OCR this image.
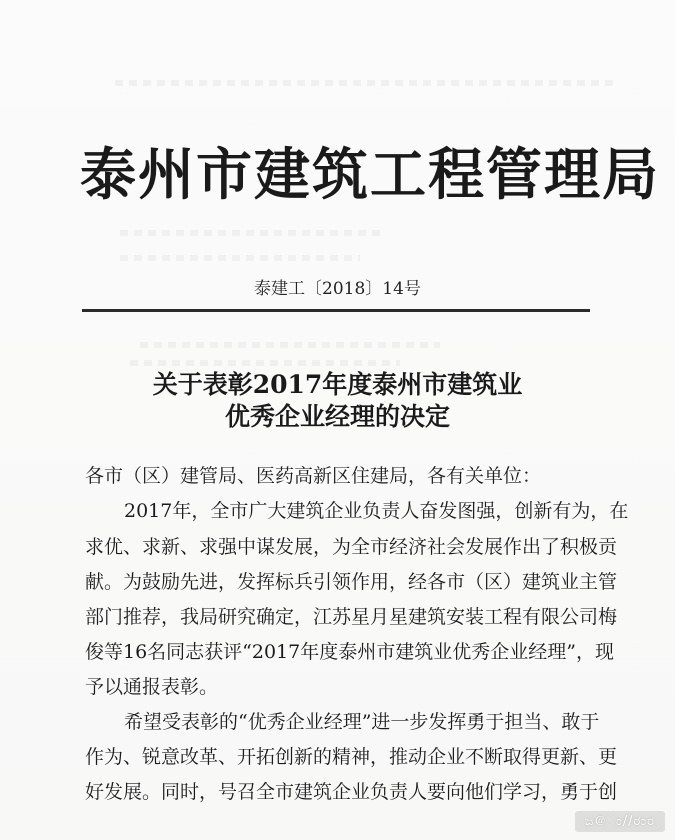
泰州市建筑工程管理局
泰建工〔2018〕14号
关于表彰2017年度泰州市建筑业
优秀企业经理的决定
各市（区）建管局、医药高新区住建局，各有关单位：
2017年，全市广大建筑企业负责人奋发图强，创新有为，在
求优、求新、求强中谋发展，为全市经济社会发展作出了积极贡
献。为鼓励先进，发挥标兵引领作用，经各市（区）建筑业主管
部门推荐，我局研究确定，江苏星月星建筑安装工程有限公司梅
俊等16名同志获评“2017年度泰州市建筑业优秀企业经理”，现
予以通报表彰。
希望受表彰的“优秀企业经理”进一步发挥勇于担当、敢于
作为、锐意改革、开拓创新的精神，推动企业不断取得更新、更
好发展。同时，号召全市建筑企业负责人要向他们学习，勇于创
ಜ@ಂ//ರಂರ
